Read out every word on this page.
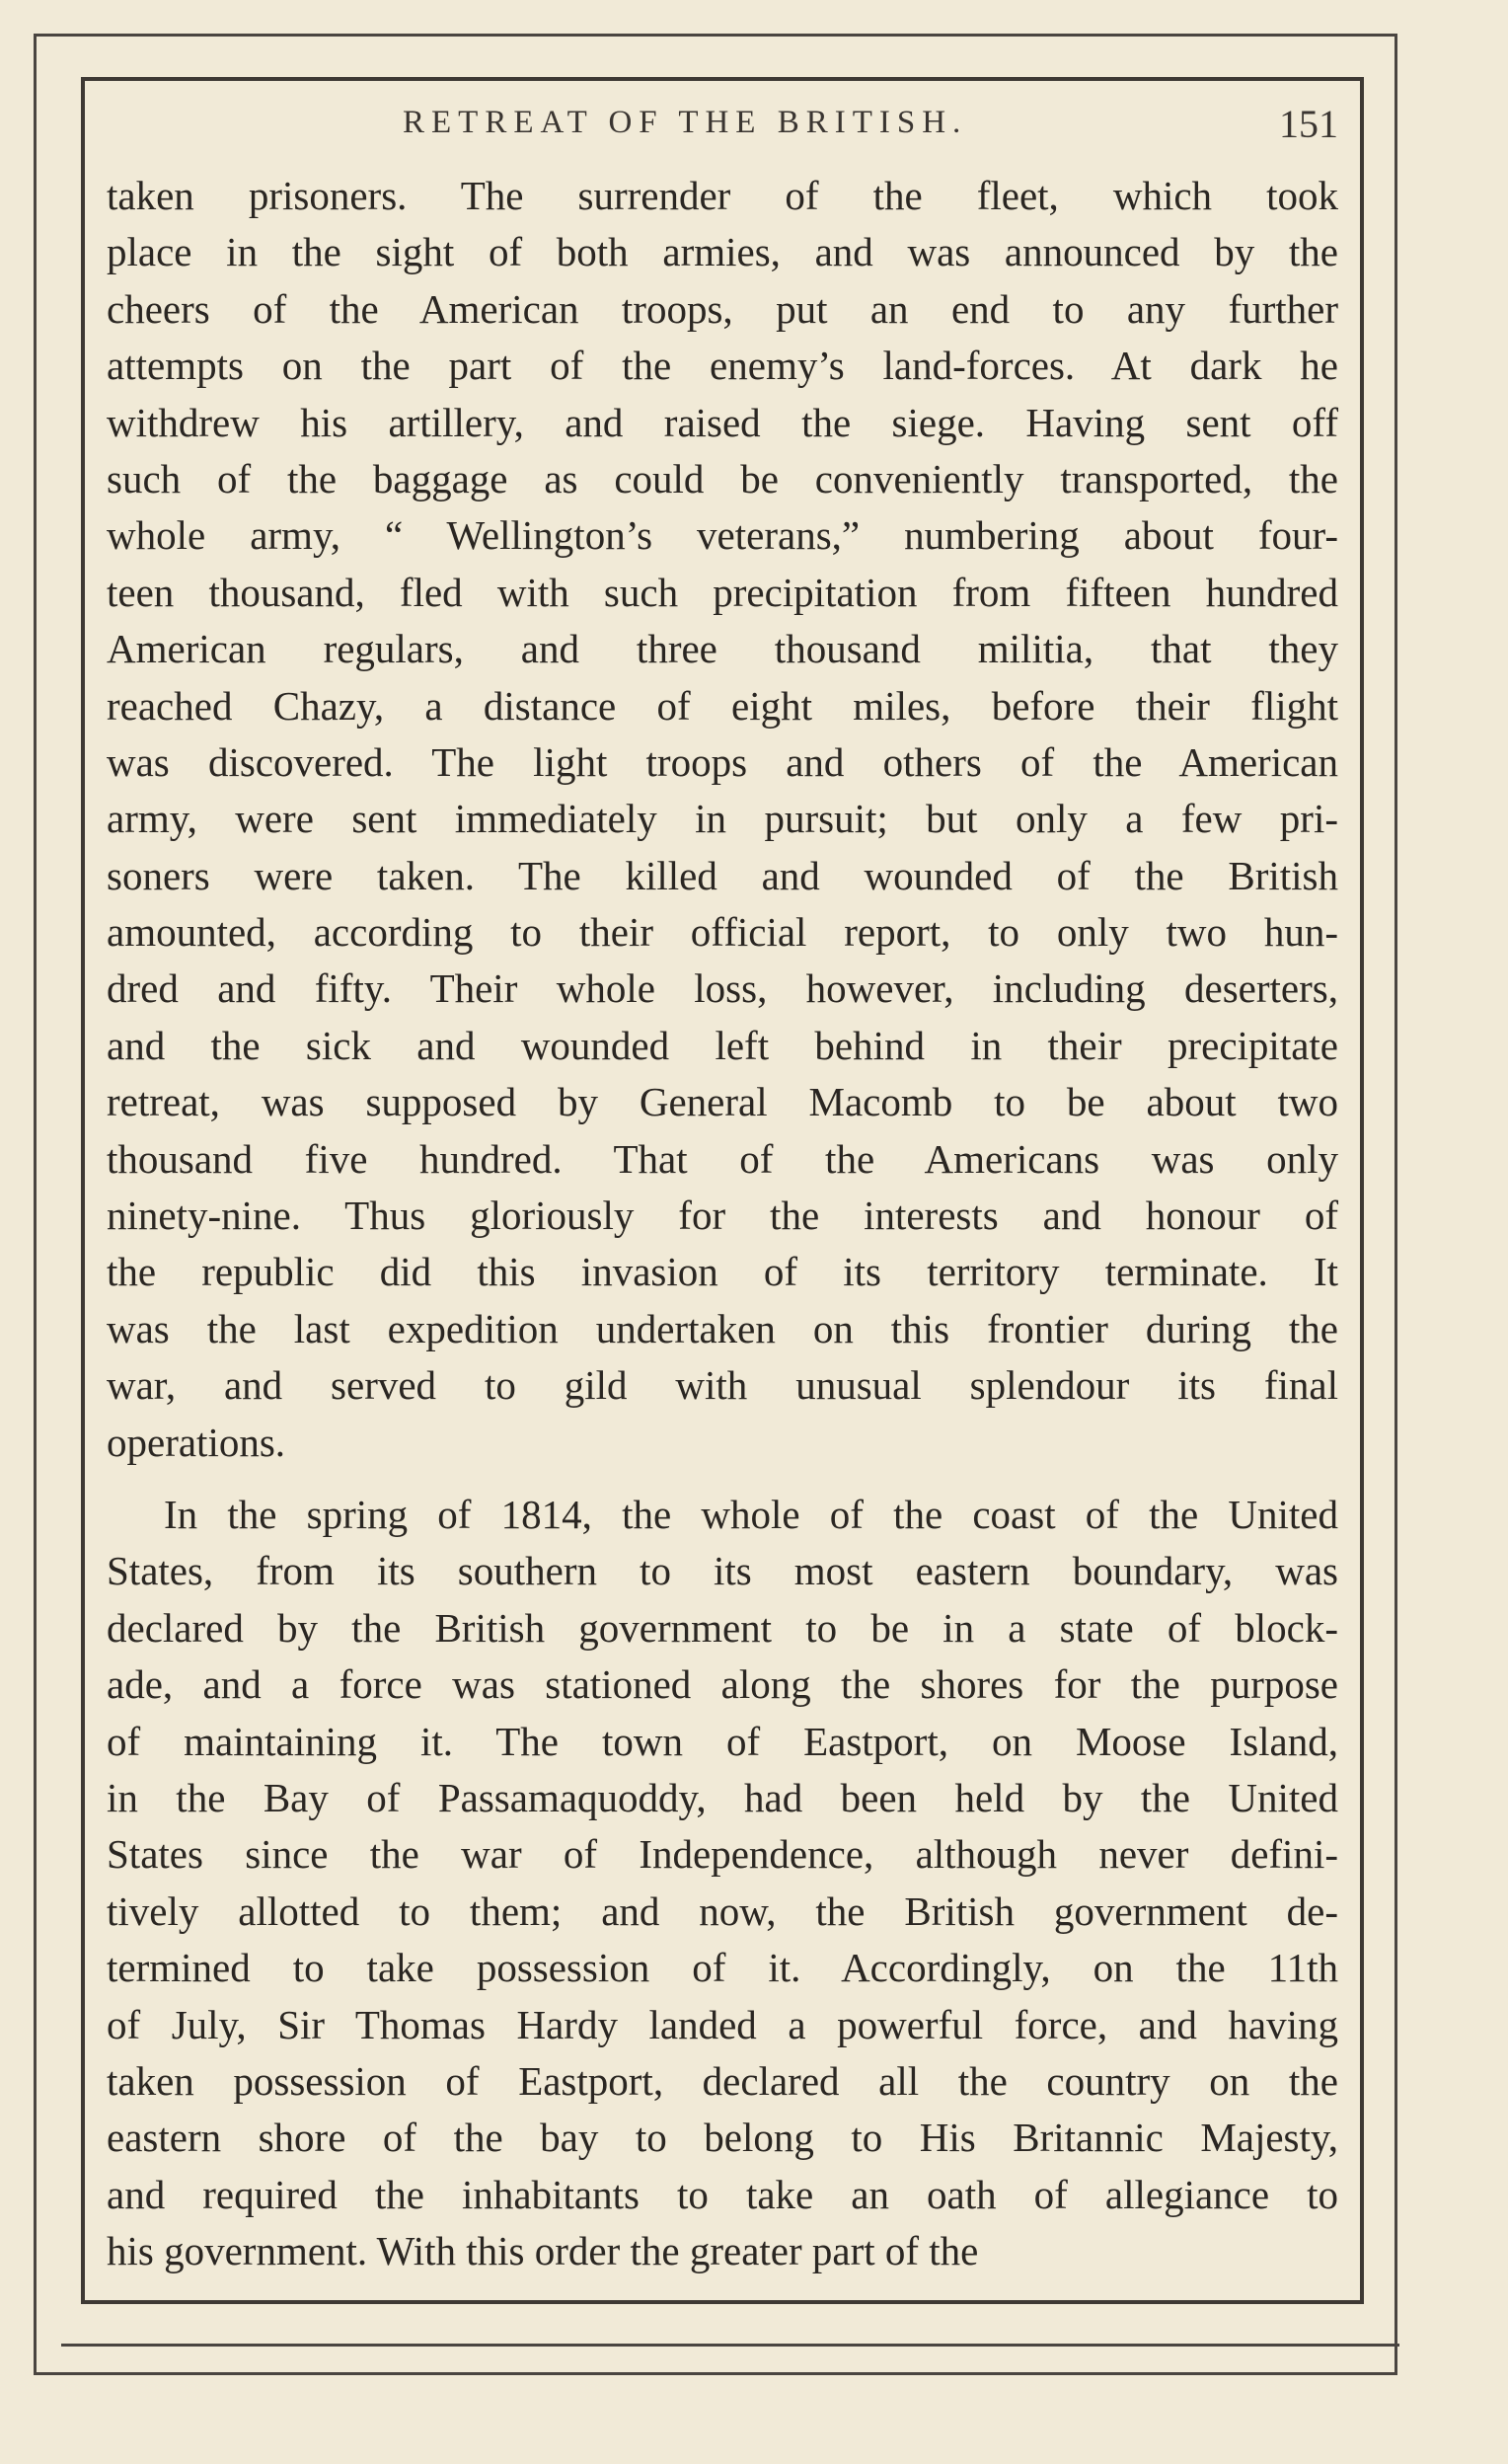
RETREAT OF THE BRITISH.	151
taken prisoners. The surrender of the fleet, which took
place in the sight of both armies, and was announced by the
cheers of the American troops, put an end to any further
attempts on the part of the enemy’s land-forces. At dark he
withdrew his artillery, and raised the siege. Having sent off
such of the baggage as could be conveniently transported, the
whole army, “ Wellington’s veterans,” numbering about four-
teen thousand, fled with such precipitation from fifteen hundred
American regulars, and three thousand militia, that they
reached Chazy, a distance of eight miles, before their flight
was discovered. The light troops and others of the American
army, were sent immediately in pursuit; but only a few pri-
soners were taken. The killed and wounded of the British
amounted, according to their official report, to only two hun-
dred and fifty. Their whole loss, however, including deserters,
and the sick and wounded left behind in their precipitate
retreat, was supposed by General Macomb to be about two
thousand five hundred. That of the Americans was only
ninety-nine. Thus gloriously for the interests and honour of
the republic did this invasion of its territory terminate. It
was the last expedition undertaken on this frontier during the
war, and served to gild with unusual splendour its final
operations.
In the spring of 1814, the whole of the coast of the United
States, from its southern to its most eastern boundary, was
declared by the British government to be in a state of block-
ade, and a force was stationed along the shores for the purpose
of maintaining it. The town of Eastport, on Moose Island,
in the Bay of Passamaquoddy, had been held by the United
States since the war of Independence, although never defini-
tively allotted to them; and now, the British government de-
termined to take possession of it. Accordingly, on the 11th
of July, Sir Thomas Hardy landed a powerful force, and having
taken possession of Eastport, declared all the country on the
eastern shore of the bay to belong to His Britannic Majesty,
and required the inhabitants to take an oath of allegiance to
his government. With this order the greater part of the
